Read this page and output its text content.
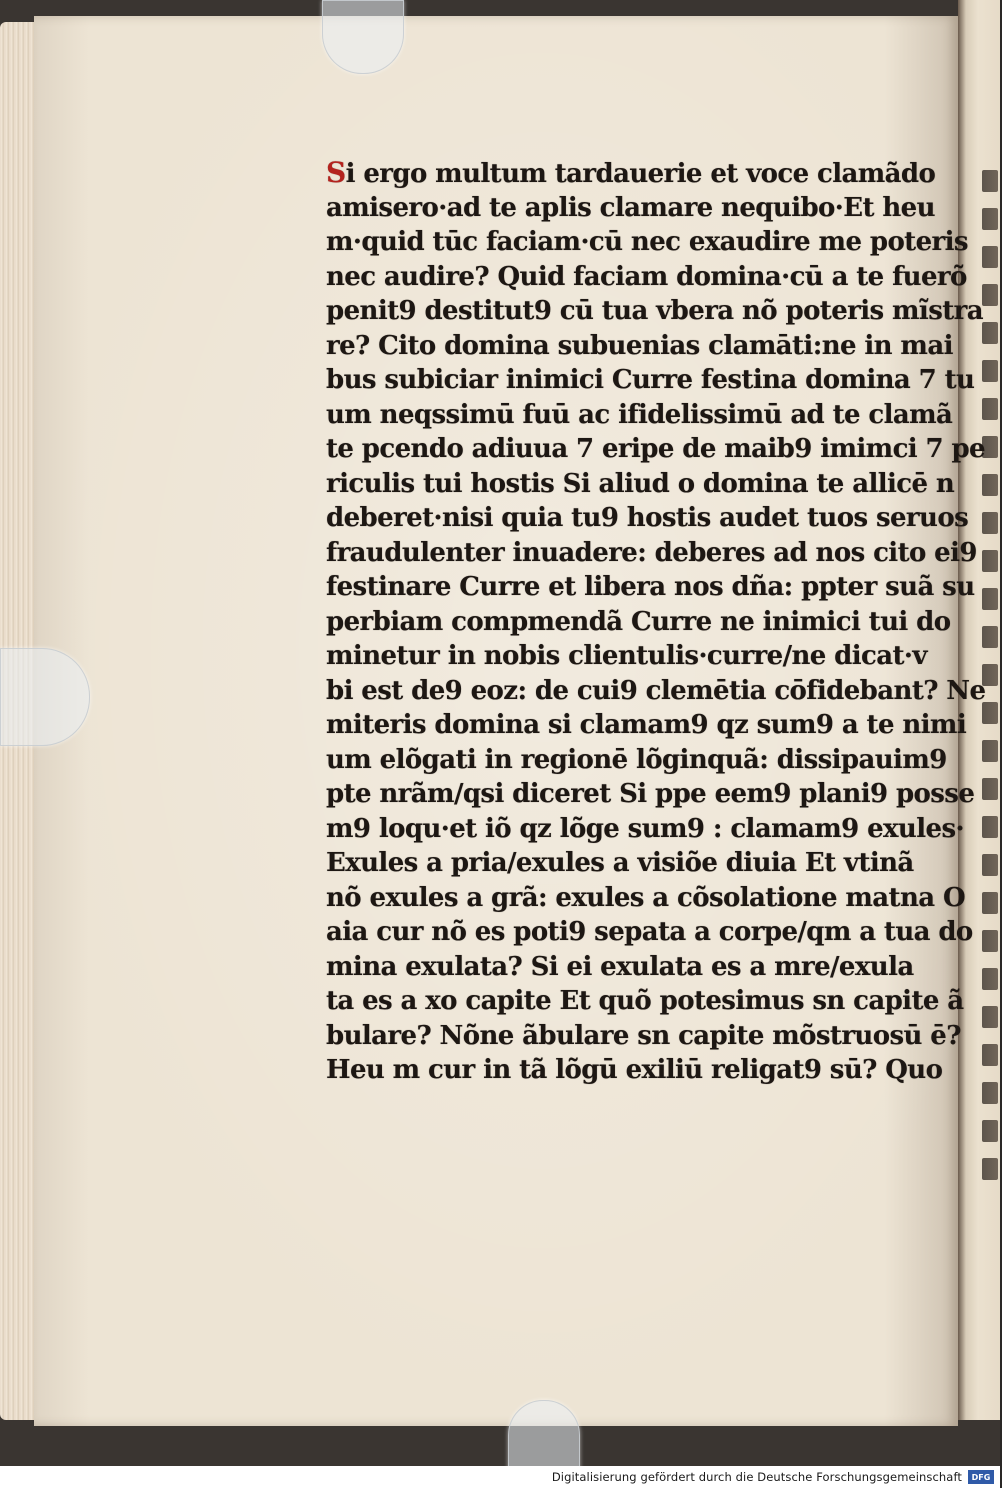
Si ergo multum tardauerie et voce clamãdo
amisero·ad te aplis clamare nequibo·Et heu
m·quid tūc faciam·cū nec exaudire me poteris
nec audire? Quid faciam domina·cū a te fuerõ
penit9 destitut9 cū tua vbera nõ poteris mĩstra
re? Cito domina subuenias clamāti:ne in mai
bus subiciar inimici Curre festina domina 7 tu
um neqssimū fuū ac ifidelissimū ad te clamã
te pcendo adiuua 7 eripe de maib9 imimci 7 pe
riculis tui hostis Si aliud o domina te allicē n
deberet·nisi quia tu9 hostis audet tuos seruos
fraudulenter inuadere: deberes ad nos cito ei9
festinare Curre et libera nos dña: ppter suã su
perbiam compmendã Curre ne inimici tui do
minetur in nobis clientulis·curre/ne dicat·v
bi est de9 eoz: de cui9 clemētia cōfidebant? Ne
miteris domina si clamam9 qz sum9 a te nimi
um elõgati in regionē lõginquã: dissipauim9
pte nrãm/qsi diceret Si ppe eem9 plani9 posse
m9 loqu·et iõ qz lõge sum9 : clamam9 exules·
Exules a pria/exules a visiõe diuia Et vtinã
nõ exules a grã: exules a cõsolatione matna O
aia cur nõ es poti9 sepata a corpe/qm a tua do
mina exulata? Si ei exulata es a mre/exula
ta es a xo capite Et quõ potesimus sn capite ã
bulare? Nõne ãbulare sn capite mõstruosū ē?
Heu m cur in tã lõgū exiliū religat9 sū? Quo
Digitalisierung gefördert durch die Deutsche Forschungsgemeinschaft	DFG
